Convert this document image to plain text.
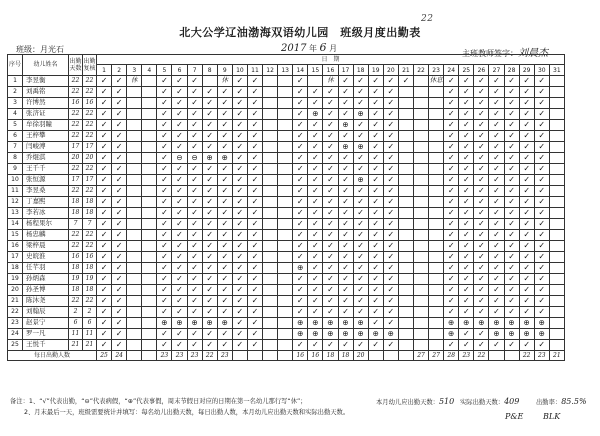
北大公学辽油渤海双语幼儿园　班级月度出勤表
22
班级：月光石	2017 年 6 月
主班教师签字：刘晨杰
序号	幼儿姓名	出勤天数	出勤复核	日　期																														
				1	2	3	4	5	6	7	8	9	10	11	12	13	14	15	16	17	18	19	20	21	22	23	24	25	26	27	28	29	30	31
1	李昱衡	22	22	✓	✓	休		✓	✓	✓		休	✓	✓			✓		休	✓	✓	✓	✓	✓		休息	✓	✓	✓	✓	✓	✓	✓	
2	刘禹铭	22	22	✓	✓			✓	✓	✓	✓	✓	✓	✓			✓	✓	✓	✓	✓	✓	✓				✓	✓	✓	✓	✓	✓	✓	
3	许博然	16	16	✓	✓			✓	✓	✓	✓	✓	✓	✓			✓	✓	✓	✓	✓	✓	✓				✓	✓	✓	✓	✓	✓	✓	
4	张济证	22	22	✓	✓			✓	✓	✓	✓	✓	✓	✓			✓	⊕	✓	✓	⊕	✓	✓				✓	✓	✓	✓	✓	✓	✓	
5	牟徐羽瞳	22	22	✓	✓			✓	✓	✓	✓	✓	✓	✓			✓	✓	✓	⊕	✓	✓	✓				✓	✓	✓	✓	✓	✓	✓	
6	王梓攀	22	22	✓	✓			✓	✓	✓	✓	✓	✓	✓			✓	✓	✓	✓	✓	✓	✓				✓	✓	✓	✓	✓	✓	✓	
7	闫峻溥	17	17	✓	✓			✓	✓	✓	✓	✓	✓	✓			✓	✓	✓	⊕	⊕	✓	✓				✓	✓	✓	✓	✓	✓	✓	
8	乔焜淇	20	20	✓	✓			✓	⊖	⊖	⊕	⊕	✓	✓			✓	✓	✓	✓	✓	✓	✓				✓	✓	✓	✓	✓	✓	✓	
9	王千千	22	22	✓	✓			✓	✓	✓	✓	✓	✓	✓			✓	✓	✓	✓	✓	✓	✓				✓	✓	✓	✓	✓	✓	✓	
10	张恒源	17	17	✓	✓			✓	✓	✓	✓	✓	✓	✓			✓	✓	✓	✓	⊕	✓	✓				✓	✓	✓	✓	✓	✓	✓	
11	李昱桑	22	22	✓	✓			✓	✓	✓	✓	✓	✓	✓			✓	✓	✓	✓	✓	✓	✓				✓	✓	✓	✓	✓	✓	✓	
12	丁嘉熙	18	18	✓	✓			✓	✓	✓	✓	✓	✓	✓			✓	✓	✓	✓	✓	✓	✓				✓	✓	✓	✓	✓	✓	✓	
13	李若冰	18	18	✓	✓			✓	✓	✓	✓	✓	✓	✓			✓	✓	✓	✓	✓	✓	✓				✓	✓	✓	✓	✓	✓	✓	
14	杨程果尔	7	7	✓	✓			✓	✓	✓	✓	✓	✓	✓			✓	✓	✓	✓	✓	✓	✓				✓	✓	✓	✓	✓	✓	✓	
15	杨忠麟	22	22	✓	✓			✓	✓	✓	✓	✓	✓	✓			✓	✓	✓	✓	✓	✓	✓				✓	✓	✓	✓	✓	✓	✓	
16	梁梓晨	22	22	✓	✓			✓	✓	✓	✓	✓	✓	✓			✓	✓	✓	✓	✓	✓	✓				✓	✓	✓	✓	✓	✓	✓	
17	史皖淮	16	16	✓	✓			✓	✓	✓	✓	✓	✓	✓			✓	✓	✓	✓	✓	✓	✓				✓	✓	✓	✓	✓	✓	✓	
18	任芊羽	18	18	✓	✓			✓	✓	✓	✓	✓	✓	✓			⊕	✓	✓	✓	✓	✓	✓				✓	✓	✓	✓	✓	✓	✓	
19	孙炳森	19	19	✓	✓			✓	✓	✓	✓	✓	✓	✓			✓	✓	✓	✓	✓	✓	✓				✓	✓	✓	✓	✓	✓	✓	
20	孙圣博	18	18	✓	✓			✓	✓	✓	✓	✓	✓	✓			✓	✓	✓	✓	✓	✓	✓				✓	✓	✓	✓	✓	✓	✓	
21	陈沐尧	22	22	✓	✓			✓	✓	✓	✓	✓	✓	✓			✓	✓	✓	✓	✓	✓	✓				✓	✓	✓	✓	✓	✓	✓	
22	刘翰辰	2	2	✓	✓			✓	✓	✓	✓	✓	✓	✓			✓	✓	✓	✓	✓	✓	✓				✓	✓	✓	✓	✓	✓	✓	
23	赵景宁	6	6	✓	✓			⊕	⊕	⊕	⊕	⊕	✓	✓			⊕	⊕	⊕	⊕	⊕	✓	✓				⊕	⊕	⊕	⊕	⊕	⊕	⊕	
24	罗一凡	11	11	✓	✓			✓	✓	✓	✓	✓	✓	✓			⊕	⊕	⊕	⊕	⊕	⊕	⊕				⊕	✓	✓	⊕	⊕	⊕	⊕	
25	王悦千	21	21	✓	✓			✓	✓	✓	✓	✓	✓	✓			✓	✓	✓	✓	✓	✓	✓				✓	✓	✓	✓	✓	✓	✓	
每日出勤人数				25	24			23	23	23	22	23					16	16	18	18	20				27	27	28	23	22			22	23	21
备注：1、“√”代表出勤，“⊖”代表病假，“⊕”代表事假，周末节假日对应的日期在第一名幼儿那行写“休”；
2、月末最后一天，班级需要统计并填写：每名幼儿出勤天数，每日出勤人数，本月幼儿应出勤天数和实际出勤天数。
本月幼儿应出勤天数：510 实际出勤天数：409	出勤率：85.5%
P&E BLK
